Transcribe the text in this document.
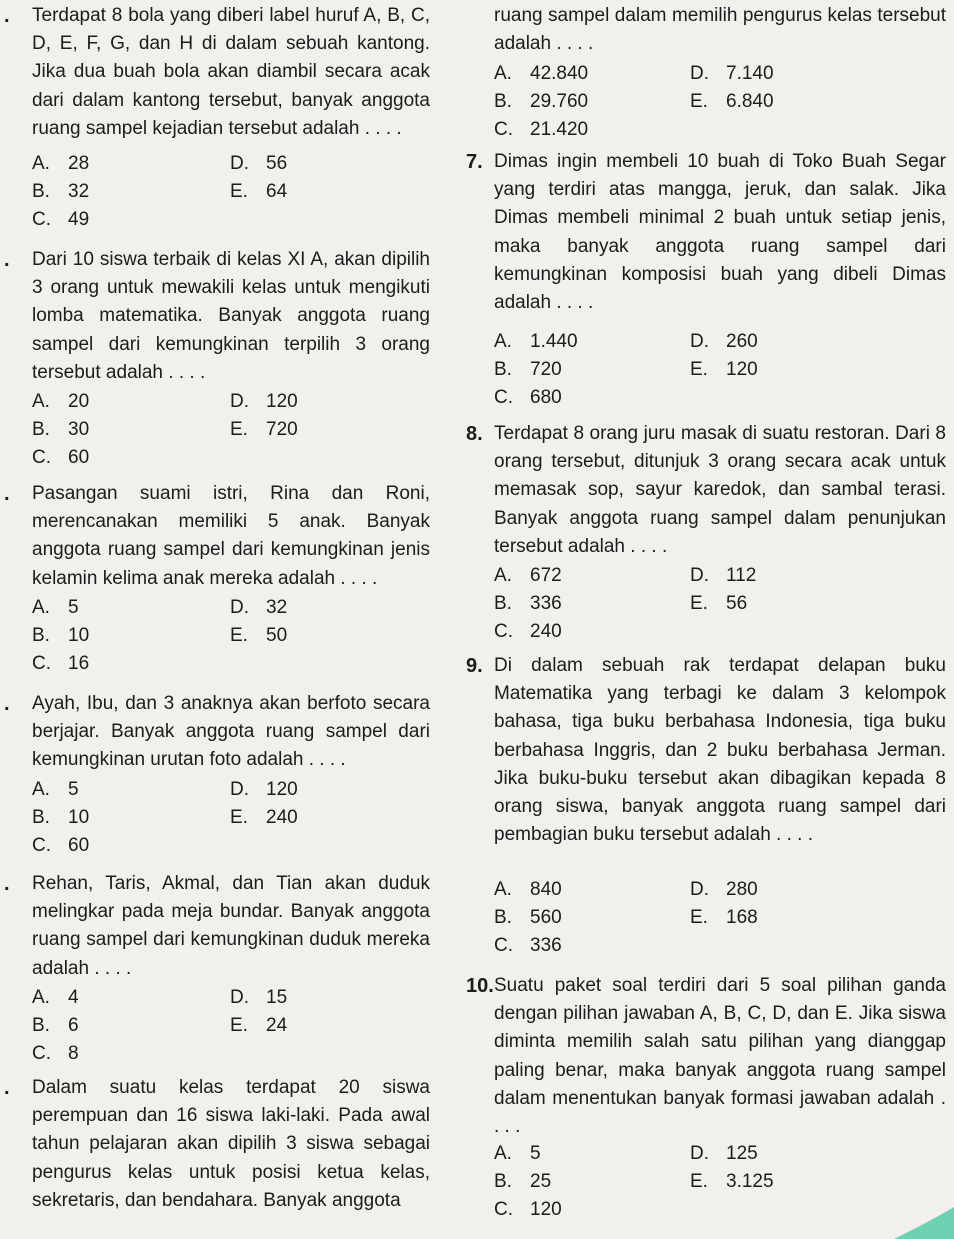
. Terdapat 8 bola yang diberi label huruf A, B, C, D, E, F, G, dan H di dalam sebuah kantong. Jika dua buah bola akan diambil secara acak dari dalam kantong tersebut, banyak anggota ruang sampel kejadian tersebut adalah . . . .
A. 28
B. 32
C. 49
D. 56
E. 64
. Dari 10 siswa terbaik di kelas XI A, akan dipilih 3 orang untuk mewakili kelas untuk mengikuti lomba matematika. Banyak anggota ruang sampel dari kemungkinan terpilih 3 orang tersebut adalah . . . .
A. 20
B. 30
C. 60
D. 120
E. 720
. Pasangan suami istri, Rina dan Roni, merencanakan memiliki 5 anak. Banyak anggota ruang sampel dari kemungkinan jenis kelamin kelima anak mereka adalah . . . .
A. 5
B. 10
C. 16
D. 32
E. 50
. Ayah, Ibu, dan 3 anaknya akan berfoto secara berjajar. Banyak anggota ruang sampel dari kemungkinan urutan foto adalah . . . .
A. 5
B. 10
C. 60
D. 120
E. 240
. Rehan, Taris, Akmal, dan Tian akan duduk melingkar pada meja bundar. Banyak anggota ruang sampel dari kemungkinan duduk mereka adalah . . . .
A. 4
B. 6
C. 8
D. 15
E. 24
. Dalam suatu kelas terdapat 20 siswa perempuan dan 16 siswa laki-laki. Pada awal tahun pelajaran akan dipilih 3 siswa sebagai pengurus kelas untuk posisi ketua kelas, sekretaris, dan bendahara. Banyak anggota
ruang sampel dalam memilih pengurus kelas tersebut adalah . . . .
A. 42.840
B. 29.760
C. 21.420
D. 7.140
E. 6.840
7. Dimas ingin membeli 10 buah di Toko Buah Segar yang terdiri atas mangga, jeruk, dan salak. Jika Dimas membeli minimal 2 buah untuk setiap jenis, maka banyak anggota ruang sampel dari kemungkinan komposisi buah yang dibeli Dimas adalah . . . .
A. 1.440
B. 720
C. 680
D. 260
E. 120
8. Terdapat 8 orang juru masak di suatu restoran. Dari 8 orang tersebut, ditunjuk 3 orang secara acak untuk memasak sop, sayur karedok, dan sambal terasi. Banyak anggota ruang sampel dalam penunjukan tersebut adalah . . . .
A. 672
B. 336
C. 240
D. 112
E. 56
9. Di dalam sebuah rak terdapat delapan buku Matematika yang terbagi ke dalam 3 kelompok bahasa, tiga buku berbahasa Indonesia, tiga buku berbahasa Inggris, dan 2 buku berbahasa Jerman. Jika buku-buku tersebut akan dibagikan kepada 8 orang siswa, banyak anggota ruang sampel dari pembagian buku tersebut adalah . . . .
A. 840
B. 560
C. 336
D. 280
E. 168
10. Suatu paket soal terdiri dari 5 soal pilihan ganda dengan pilihan jawaban A, B, C, D, dan E. Jika siswa diminta memilih salah satu pilihan yang dianggap paling benar, maka banyak anggota ruang sampel dalam menentukan banyak formasi jawaban adalah . . . .
A. 5
B. 25
C. 120
D. 125
E. 3.125
